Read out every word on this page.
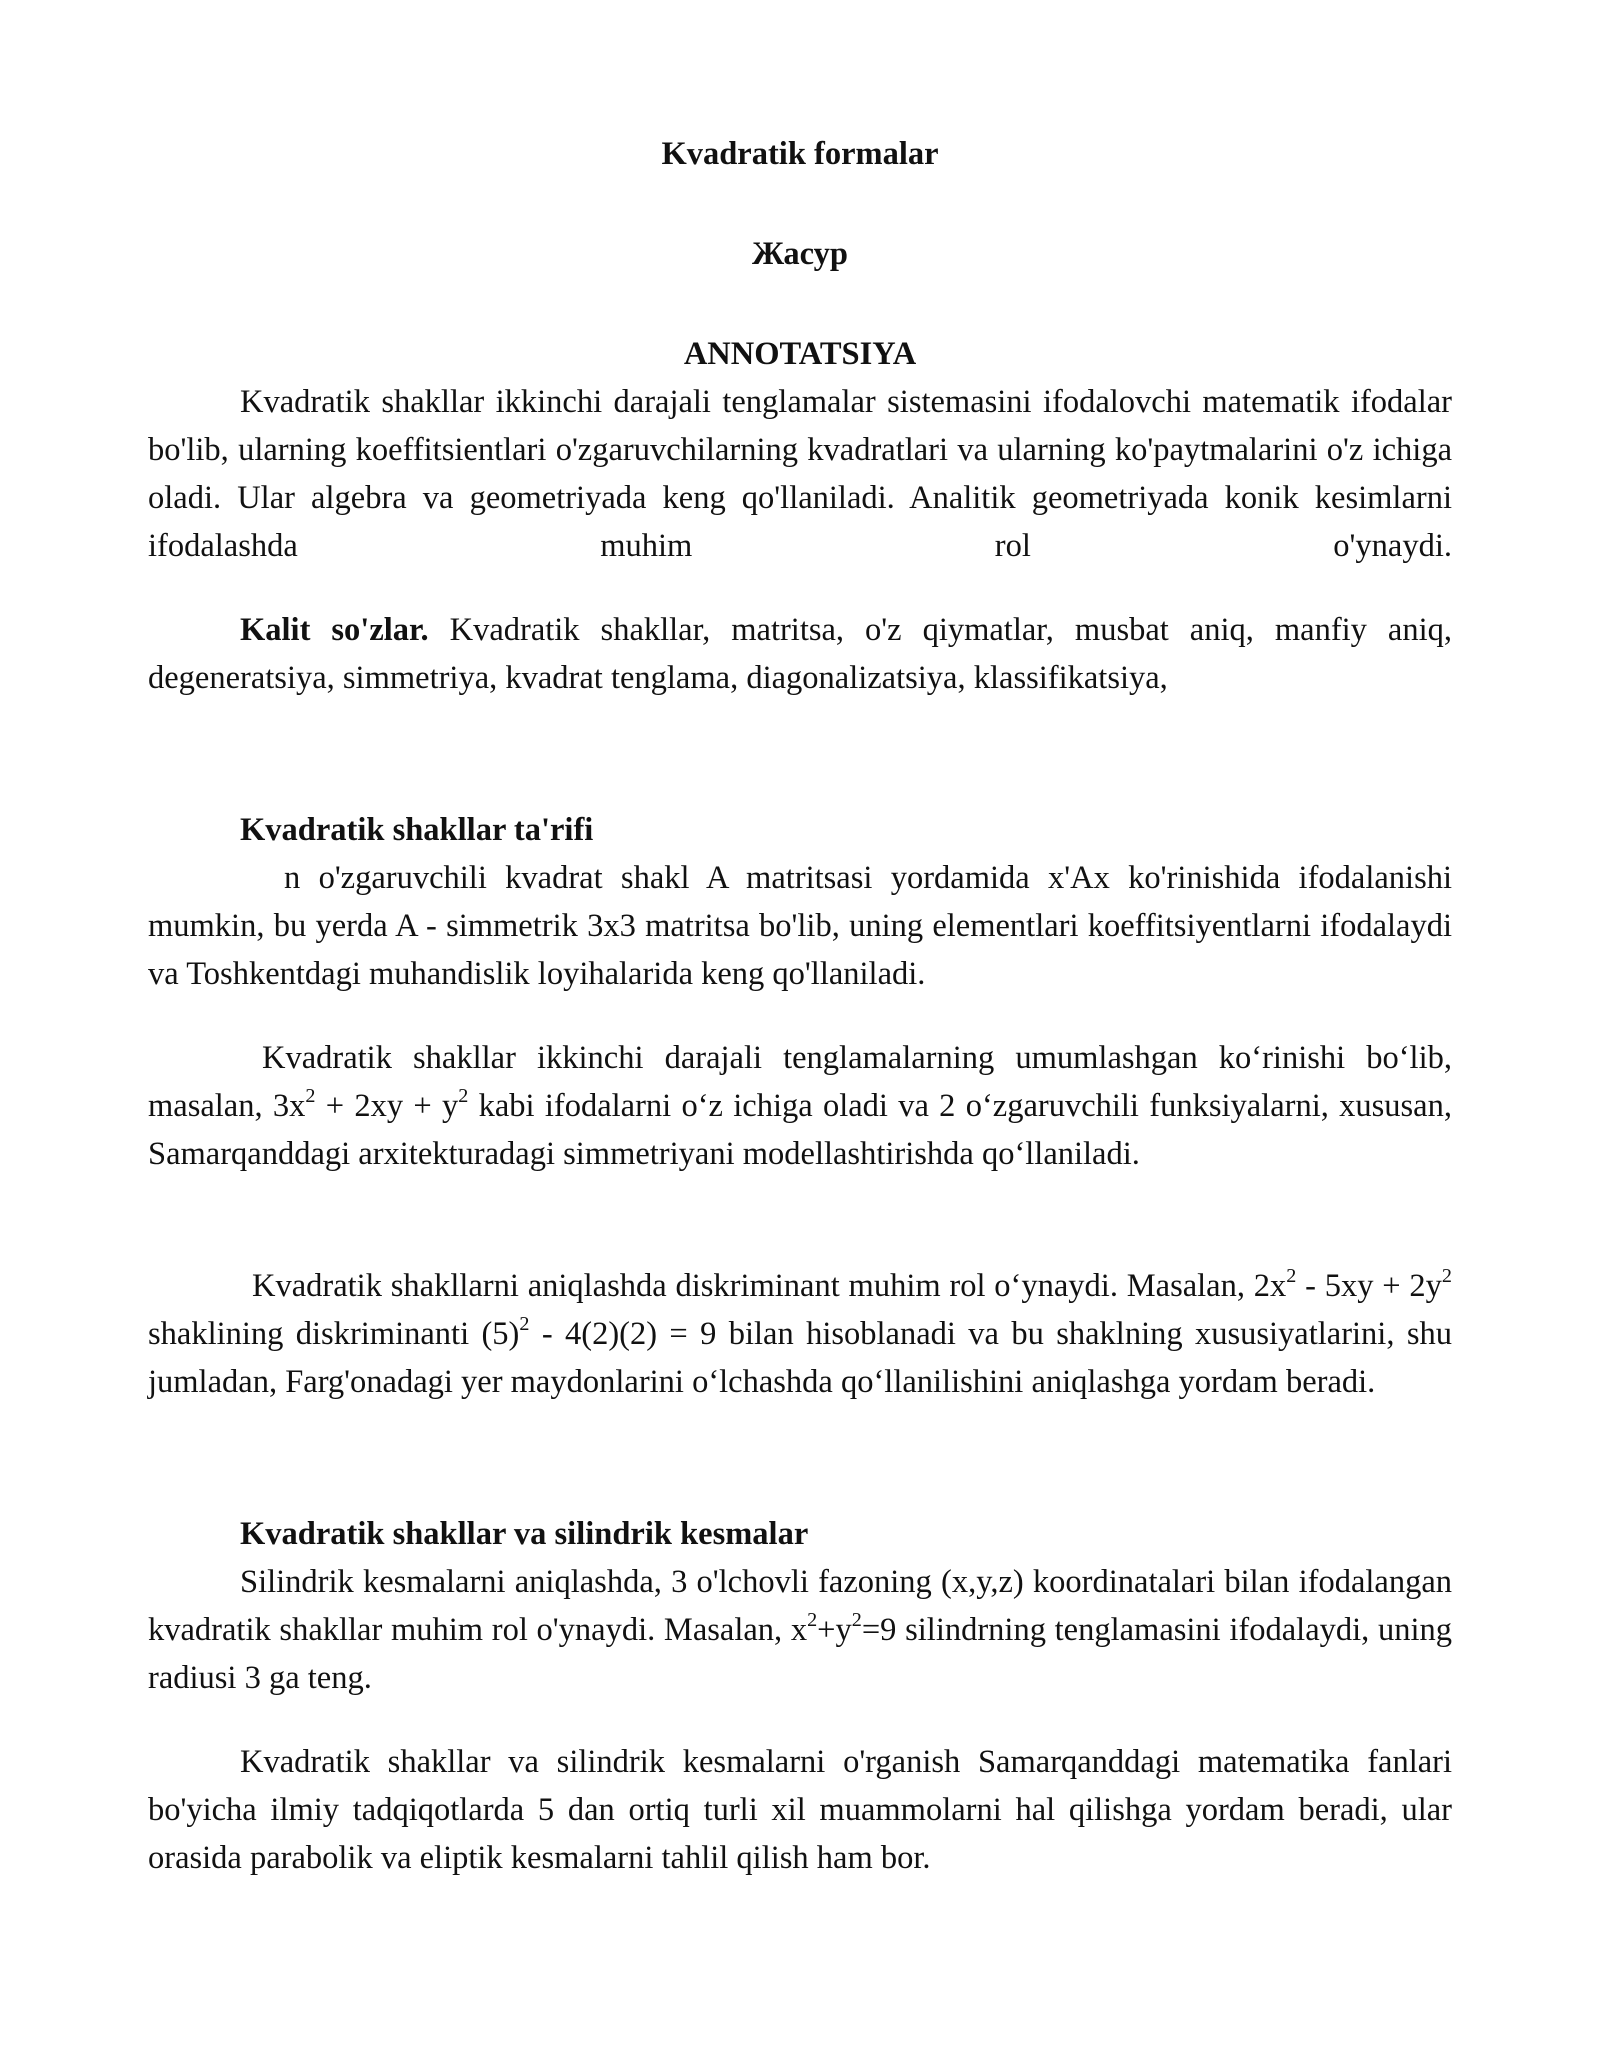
Kvadratik formalar
Жасур
ANNOTATSIYA

Kvadratik shakllar ikkinchi darajali tenglamalar sistemasini ifodalovchi matematik ifodalar bo'lib, ularning koeffitsientlari o'zgaruvchilarning kvadratlari va ularning ko'paytmalarini o'z ichiga oladi. Ular algebra va geometriyada keng qo'llaniladi. Analitik geometriyada konik kesimlarni ifodalashda muhim rol o'ynaydi.

Kalit so'zlar. Kvadratik shakllar, matritsa, o'z qiymatlar, musbat aniq, manfiy aniq, degeneratsiya, simmetriya, kvadrat tenglama, diagonalizatsiya, klassifikatsiya,

Kvadratik shakllar ta'rifi

n o'zgaruvchili kvadrat shakl A matritsasi yordamida x'Ax ko'rinishida ifodalanishi mumkin, bu yerda A - simmetrik 3x3 matritsa bo'lib, uning elementlari koeffitsiyentlarni ifodalaydi va Toshkentdagi muhandislik loyihalarida keng qo'llaniladi.

Kvadratik shakllar ikkinchi darajali tenglamalarning umumlashgan ko‘rinishi bo‘lib, masalan, $3x^2 + 2xy + y^2$ kabi ifodalarni o‘z ichiga oladi va 2 o‘zgaruvchili funksiyalarni, xususan, Samarqanddagi arxitekturadagi simmetriyani modellashtirishda qo‘llaniladi.

Kvadratik shakllarni aniqlashda diskriminant muhim rol o‘ynaydi. Masalan, $2x^2 - 5xy + 2y^2$ shaklining diskriminanti $(5)^2 - 4(2)(2) = 9$ bilan hisoblanadi va bu shaklning xususiyatlarini, shu jumladan, Farg'onadagi yer maydonlarini o‘lchashda qo‘llanilishini aniqlashga yordam beradi.

Kvadratik shakllar va silindrik kesmalar

Silindrik kesmalarni aniqlashda, 3 o'lchovli fazoning (x,y,z) koordinatalari bilan ifodalangan kvadratik shakllar muhim rol o'ynaydi. Masalan, $x^2+y^2=9$ silindrning tenglamasini ifodalaydi, uning radiusi 3 ga teng.

Kvadratik shakllar va silindrik kesmalarni o'rganish Samarqanddagi matematika fanlari bo'yicha ilmiy tadqiqotlarda 5 dan ortiq turli xil muammolarni hal qilishga yordam beradi, ular orasida parabolik va eliptik kesmalarni tahlil qilish ham bor.
